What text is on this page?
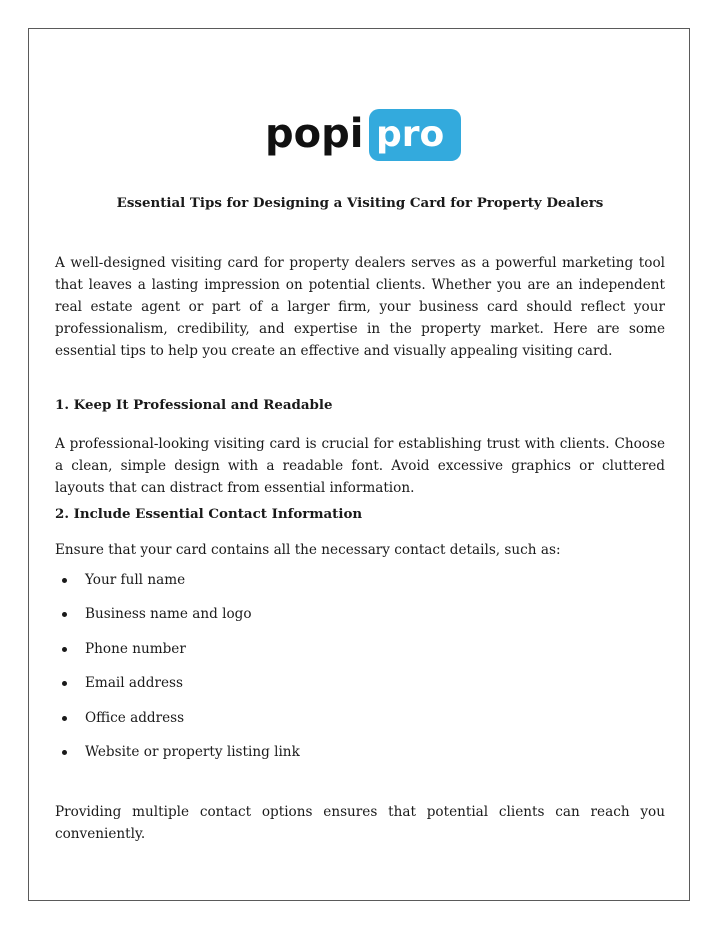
popi pro
Essential Tips for Designing a Visiting Card for Property Dealers

A well-designed visiting card for property dealers serves as a powerful marketing tool that leaves a lasting impression on potential clients. Whether you are an independent real estate agent or part of a larger firm, your business card should reflect your professionalism, credibility, and expertise in the property market. Here are some essential tips to help you create an effective and visually appealing visiting card.

1. Keep It Professional and Readable

A professional-looking visiting card is crucial for establishing trust with clients. Choose a clean, simple design with a readable font. Avoid excessive graphics or cluttered layouts that can distract from essential information.

2. Include Essential Contact Information

Ensure that your card contains all the necessary contact details, such as:

Your full name
Business name and logo
Phone number
Email address
Office address
Website or property listing link

Providing multiple contact options ensures that potential clients can reach you conveniently.
